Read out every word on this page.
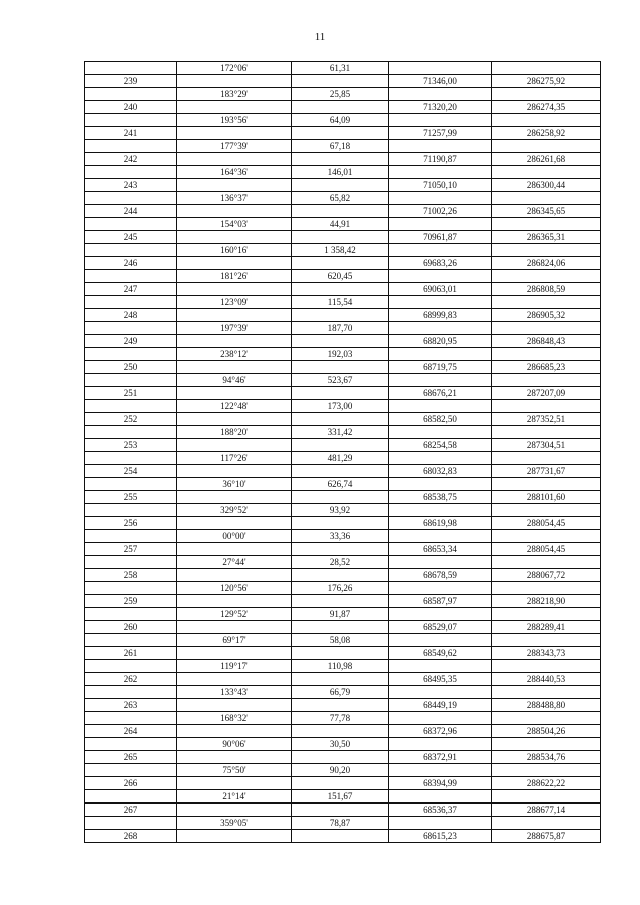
11
	172°06'	61,31		
239			71346,00	286275,92
	183°29'	25,85		
240			71320,20	286274,35
	193°56'	64,09		
241			71257,99	286258,92
	177°39'	67,18		
242			71190,87	286261,68
	164°36'	146,01		
243			71050,10	286300,44
	136°37'	65,82		
244			71002,26	286345,65
	154°03'	44,91		
245			70961,87	286365,31
	160°16'	1 358,42		
246			69683,26	286824,06
	181°26'	620,45		
247			69063,01	286808,59
	123°09'	115,54		
248			68999,83	286905,32
	197°39'	187,70		
249			68820,95	286848,43
	238°12'	192,03		
250			68719,75	286685,23
	94°46'	523,67		
251			68676,21	287207,09
	122°48'	173,00		
252			68582,50	287352,51
	188°20'	331,42		
253			68254,58	287304,51
	117°26'	481,29		
254			68032,83	287731,67
	36°10'	626,74		
255			68538,75	288101,60
	329°52'	93,92		
256			68619,98	288054,45
	00°00'	33,36		
257			68653,34	288054,45
	27°44'	28,52		
258			68678,59	288067,72
	120°56'	176,26		
259			68587,97	288218,90
	129°52'	91,87		
260			68529,07	288289,41
	69°17'	58,08		
261			68549,62	288343,73
	119°17'	110,98		
262			68495,35	288440,53
	133°43'	66,79		
263			68449,19	288488,80
	168°32'	77,78		
264			68372,96	288504,26
	90°06'	30,50		
265			68372,91	288534,76
	75°50'	90,20		
266			68394,99	288622,22
	21°14'	151,67		
267			68536,37	288677,14
	359°05'	78,87		
268			68615,23	288675,87
